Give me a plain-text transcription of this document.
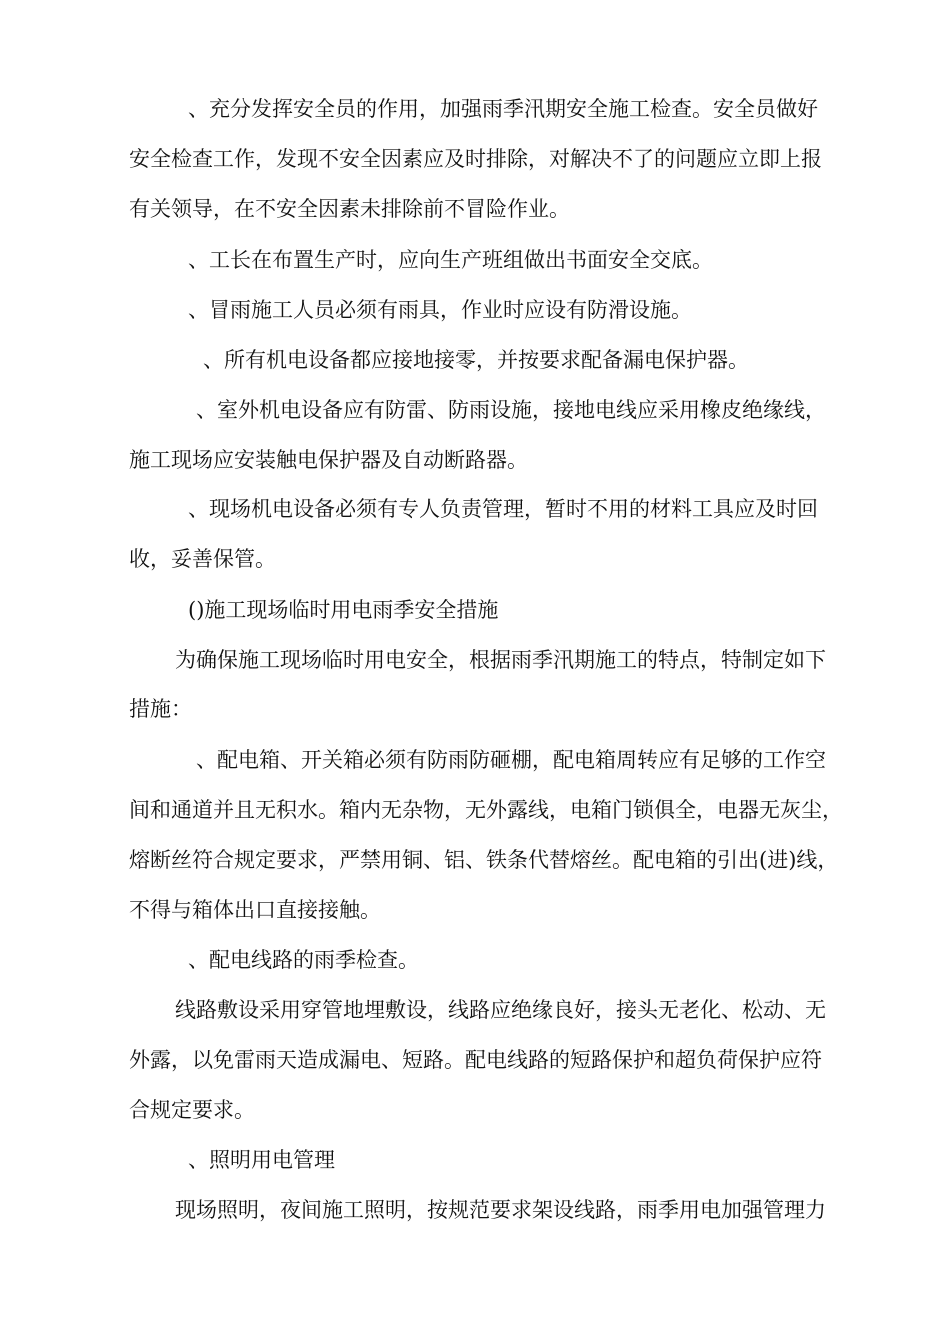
、充分发挥安全员的作用，加强雨季汛期安全施工检查。安全员做好
安全检查工作，发现不安全因素应及时排除，对解决不了的问题应立即上报
有关领导，在不安全因素未排除前不冒险作业。
、工长在布置生产时，应向生产班组做出书面安全交底。
、冒雨施工人员必须有雨具，作业时应设有防滑设施。
、所有机电设备都应接地接零，并按要求配备漏电保护器。
、室外机电设备应有防雷、防雨设施，接地电线应采用橡皮绝缘线，
施工现场应安装触电保护器及自动断路器。
、现场机电设备必须有专人负责管理，暂时不用的材料工具应及时回
收，妥善保管。
()施工现场临时用电雨季安全措施
为确保施工现场临时用电安全，根据雨季汛期施工的特点，特制定如下
措施：
、配电箱、开关箱必须有防雨防砸棚，配电箱周转应有足够的工作空
间和通道并且无积水。箱内无杂物，无外露线，电箱门锁俱全，电器无灰尘，
熔断丝符合规定要求，严禁用铜、铝、铁条代替熔丝。配电箱的引出(进)线，
不得与箱体出口直接接触。
、配电线路的雨季检查。
线路敷设采用穿管地埋敷设，线路应绝缘良好，接头无老化、松动、无
外露，以免雷雨天造成漏电、短路。配电线路的短路保护和超负荷保护应符
合规定要求。
、照明用电管理
现场照明，夜间施工照明，按规范要求架设线路，雨季用电加强管理力
